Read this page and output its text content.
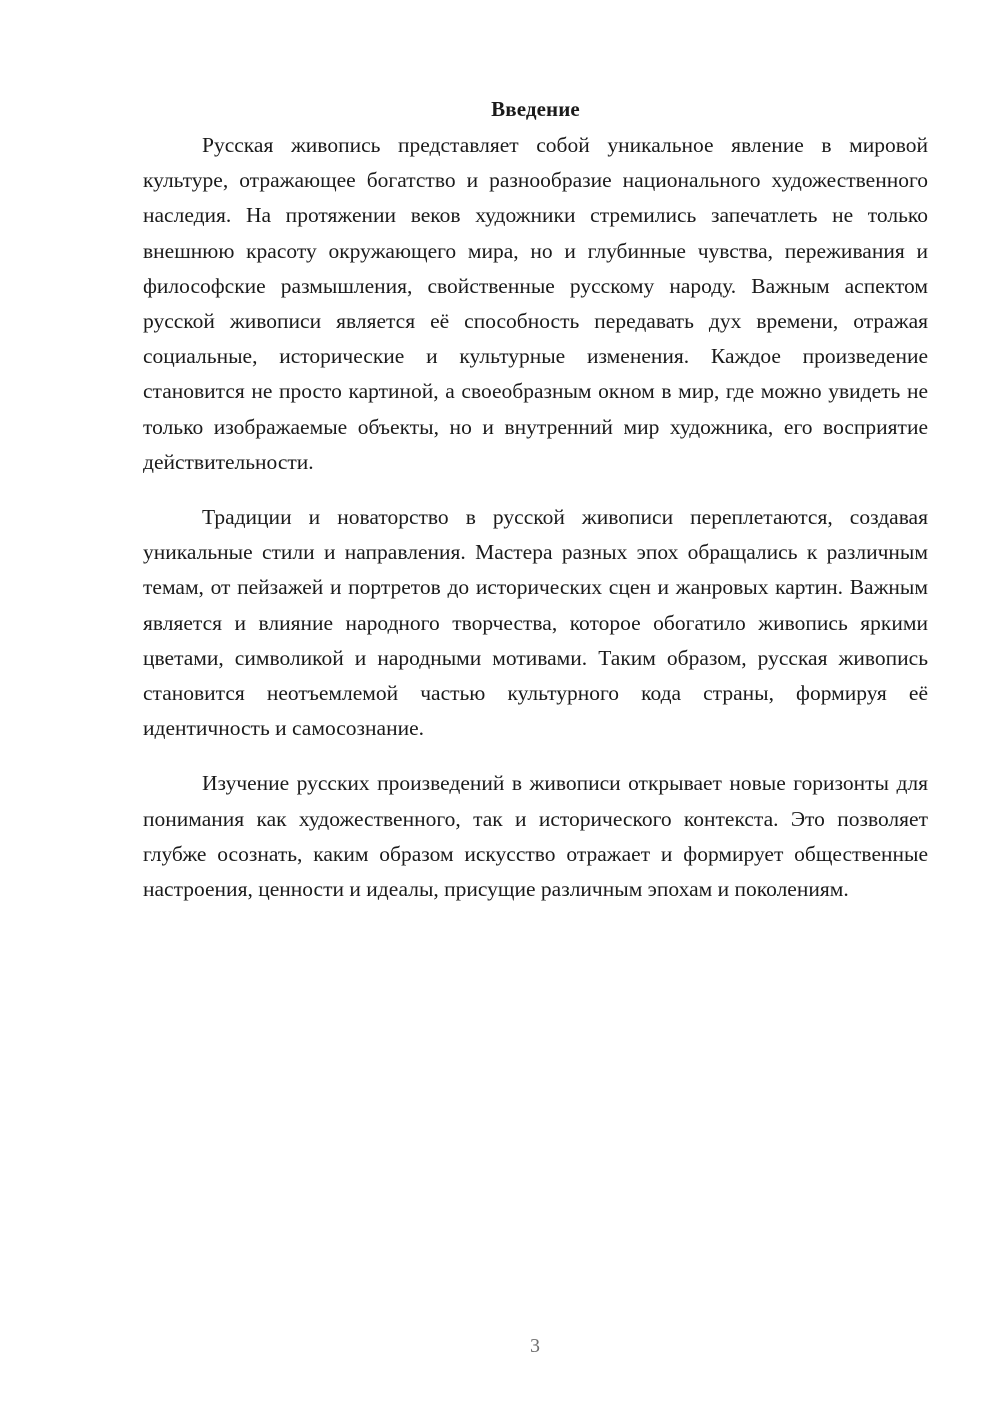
Введение

Русская живопись представляет собой уникальное явление в мировой культуре, отражающее богатство и разнообразие национального художественного наследия. На протяжении веков художники стремились запечатлеть не только внешнюю красоту окружающего мира, но и глубинные чувства, переживания и философские размышления, свойственные русскому народу. Важным аспектом русской живописи является её способность передавать дух времени, отражая социальные, исторические и культурные изменения. Каждое произведение становится не просто картиной, а своеобразным окном в мир, где можно увидеть не только изображаемые объекты, но и внутренний мир художника, его восприятие действительности.

Традиции и новаторство в русской живописи переплетаются, создавая уникальные стили и направления. Мастера разных эпох обращались к различным темам, от пейзажей и портретов до исторических сцен и жанровых картин. Важным является и влияние народного творчества, которое обогатило живопись яркими цветами, символикой и народными мотивами. Таким образом, русская живопись становится неотъемлемой частью культурного кода страны, формируя её идентичность и самосознание.

Изучение русских произведений в живописи открывает новые горизонты для понимания как художественного, так и исторического контекста. Это позволяет глубже осознать, каким образом искусство отражает и формирует общественные настроения, ценности и идеалы, присущие различным эпохам и поколениям.

3
